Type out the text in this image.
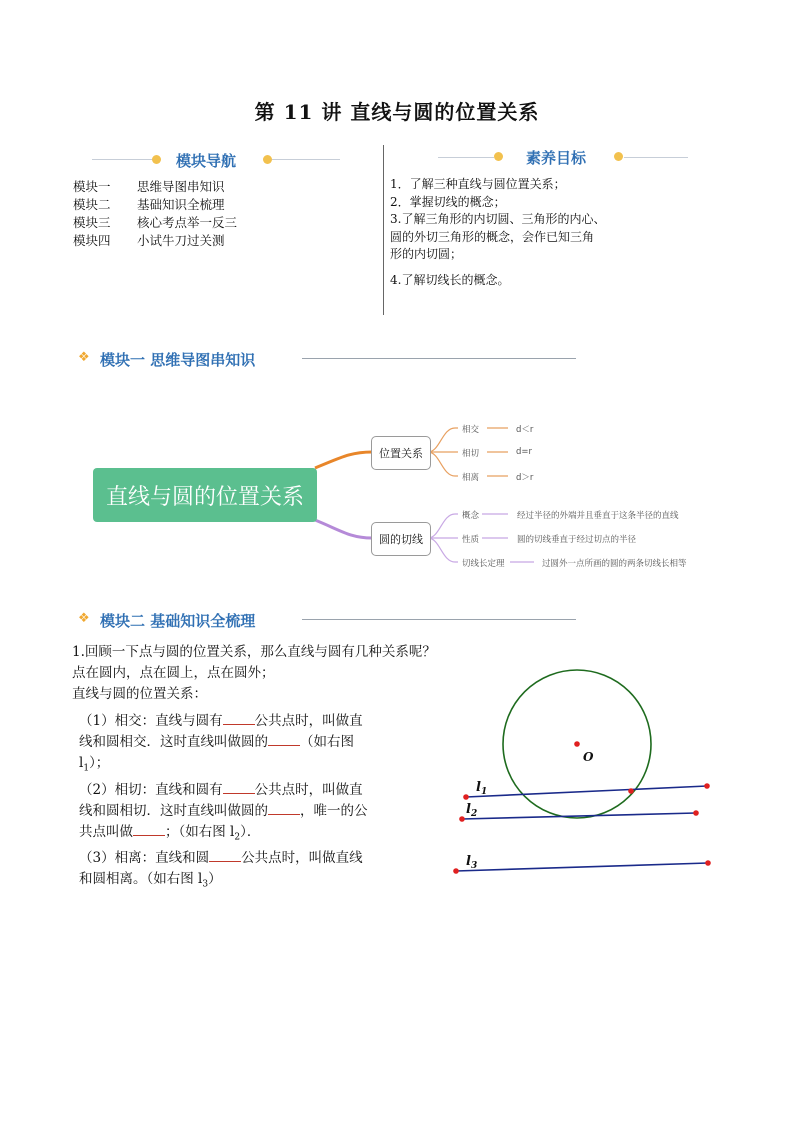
第 11 讲 直线与圆的位置关系
模块导航
模块一 思维导图串知识
模块二 基础知识全梳理
模块三 核心考点举一反三
模块四 小试牛刀过关测
素养目标
1．了解三种直线与圆位置关系；
2．掌握切线的概念；
3.了解三角形的内切圆、三角形的内心、
圆的外切三角形的概念，会作已知三角
形的内切圆；
4.了解切线长的概念。
❖ 模块一 思维导图串知识
直线与圆的位置关系
位置关系
圆的切线
相交	d＜r
相切	d=r
相离	d＞r
概念	经过半径的外端并且垂直于这条半径的直线
性质	圆的切线垂直于经过切点的半径
切线长定理	过圆外一点所画的圆的两条切线长相等
❖ 模块二 基础知识全梳理
1.回顾一下点与圆的位置关系，那么直线与圆有几种关系呢？
点在圆内，点在圆上，点在圆外；
直线与圆的位置关系：
（1）相交：直线与圆有 公共点时，叫做直
线和圆相交．这时直线叫做圆的 （如右图
$l_1$）；
（2）相切：直线和圆有 公共点时，叫做直
线和圆相切．这时直线叫做圆的 ，唯一的公
共点叫做 ；（如右图 $l_2$）．
（3）相离：直线和圆 公共点时，叫做直线
和圆相离。（如右图 $l_3$）
O
$l_1$
$l_2$
$l_3$
